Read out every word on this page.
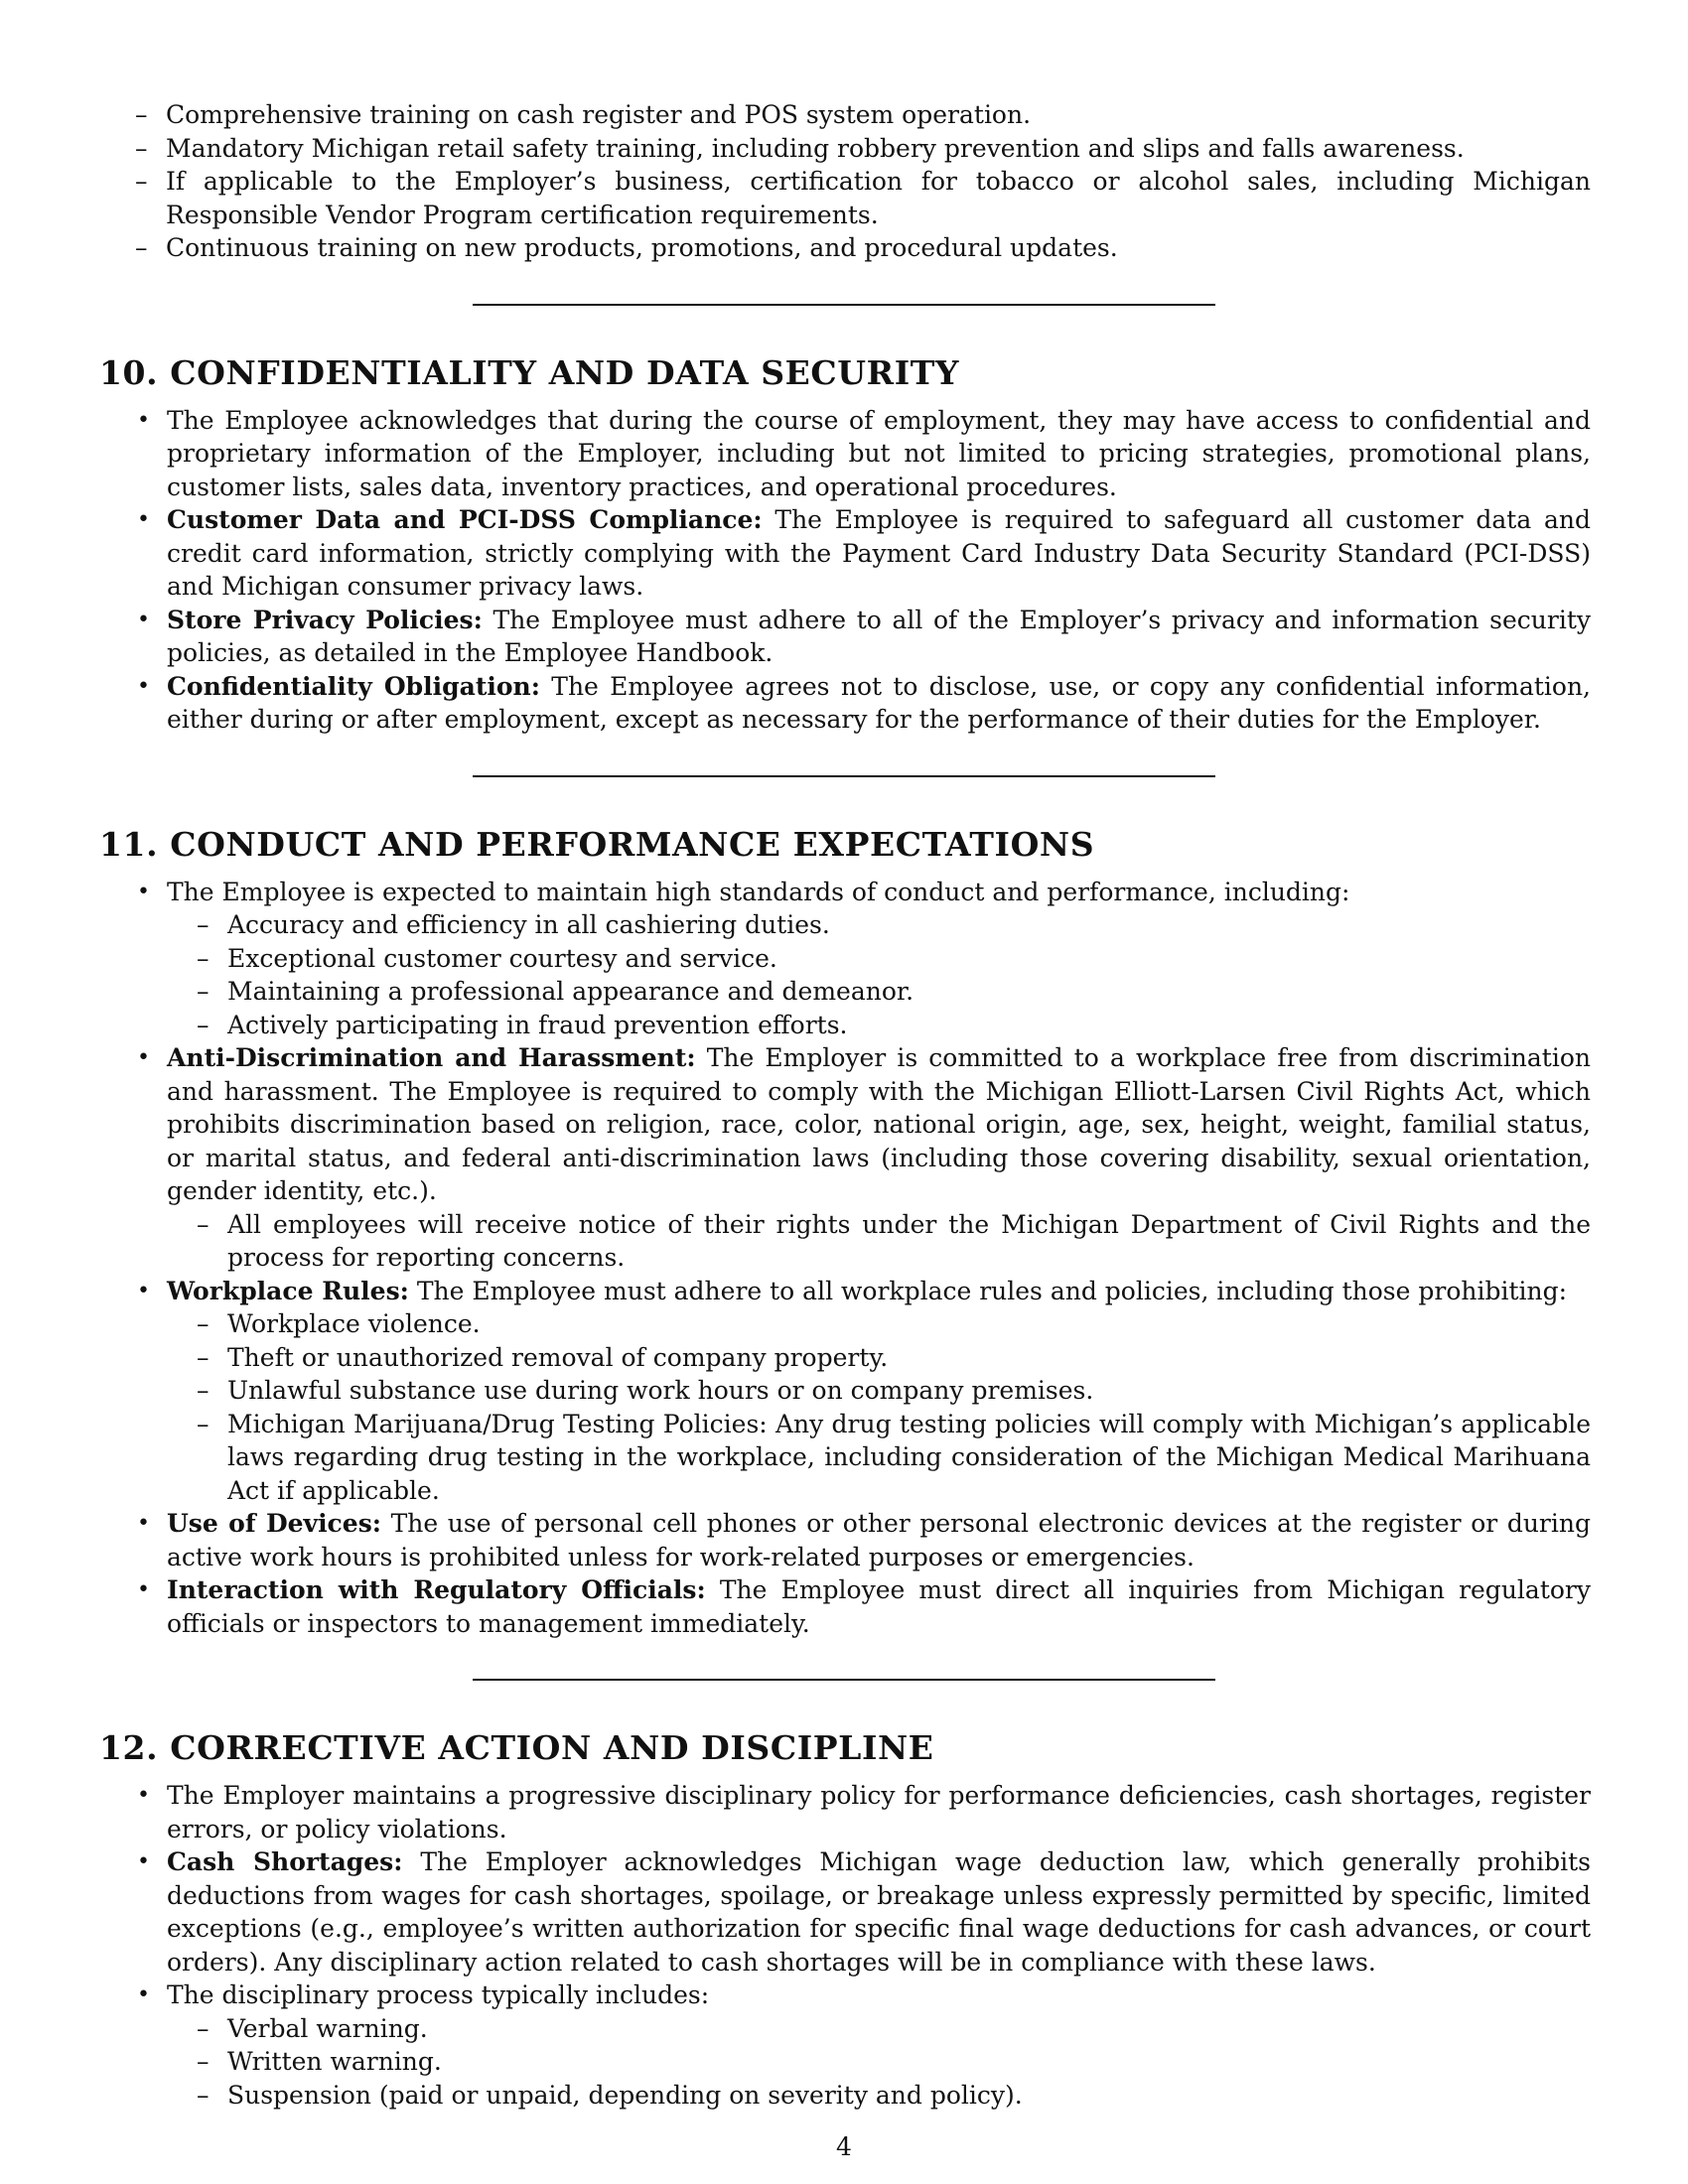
– Comprehensive training on cash register and POS system operation.
– Mandatory Michigan retail safety training, including robbery prevention and slips and falls awareness.
– If applicable to the Employer’s business, certification for tobacco or alcohol sales, including Michigan Responsible Vendor Program certification requirements.
– Continuous training on new products, promotions, and procedural updates.
10. CONFIDENTIALITY AND DATA SECURITY
• The Employee acknowledges that during the course of employment, they may have access to confidential and proprietary information of the Employer, including but not limited to pricing strategies, promotional plans, customer lists, sales data, inventory practices, and operational procedures.
• Customer Data and PCI-DSS Compliance: The Employee is required to safeguard all customer data and credit card information, strictly complying with the Payment Card Industry Data Security Standard (PCI-DSS) and Michigan consumer privacy laws.
• Store Privacy Policies: The Employee must adhere to all of the Employer’s privacy and information security policies, as detailed in the Employee Handbook.
• Confidentiality Obligation: The Employee agrees not to disclose, use, or copy any confidential information, either during or after employment, except as necessary for the performance of their duties for the Employer.
11. CONDUCT AND PERFORMANCE EXPECTATIONS
• The Employee is expected to maintain high standards of conduct and performance, including:
– Accuracy and efficiency in all cashiering duties.
– Exceptional customer courtesy and service.
– Maintaining a professional appearance and demeanor.
– Actively participating in fraud prevention efforts.
• Anti-Discrimination and Harassment: The Employer is committed to a workplace free from discrimination and harassment. The Employee is required to comply with the Michigan Elliott-Larsen Civil Rights Act, which prohibits discrimination based on religion, race, color, national origin, age, sex, height, weight, familial status, or marital status, and federal anti-discrimination laws (including those covering disability, sexual orientation, gender identity, etc.).
– All employees will receive notice of their rights under the Michigan Department of Civil Rights and the process for reporting concerns.
• Workplace Rules: The Employee must adhere to all workplace rules and policies, including those prohibiting:
– Workplace violence.
– Theft or unauthorized removal of company property.
– Unlawful substance use during work hours or on company premises.
– Michigan Marijuana/Drug Testing Policies: Any drug testing policies will comply with Michigan’s applicable laws regarding drug testing in the workplace, including consideration of the Michigan Medical Marihuana Act if applicable.
• Use of Devices: The use of personal cell phones or other personal electronic devices at the register or during active work hours is prohibited unless for work-related purposes or emergencies.
• Interaction with Regulatory Officials: The Employee must direct all inquiries from Michigan regulatory officials or inspectors to management immediately.
12. CORRECTIVE ACTION AND DISCIPLINE
• The Employer maintains a progressive disciplinary policy for performance deficiencies, cash shortages, register errors, or policy violations.
• Cash Shortages: The Employer acknowledges Michigan wage deduction law, which generally prohibits deductions from wages for cash shortages, spoilage, or breakage unless expressly permitted by specific, limited exceptions (e.g., employee’s written authorization for specific final wage deductions for cash advances, or court orders). Any disciplinary action related to cash shortages will be in compliance with these laws.
• The disciplinary process typically includes:
– Verbal warning.
– Written warning.
– Suspension (paid or unpaid, depending on severity and policy).
4
